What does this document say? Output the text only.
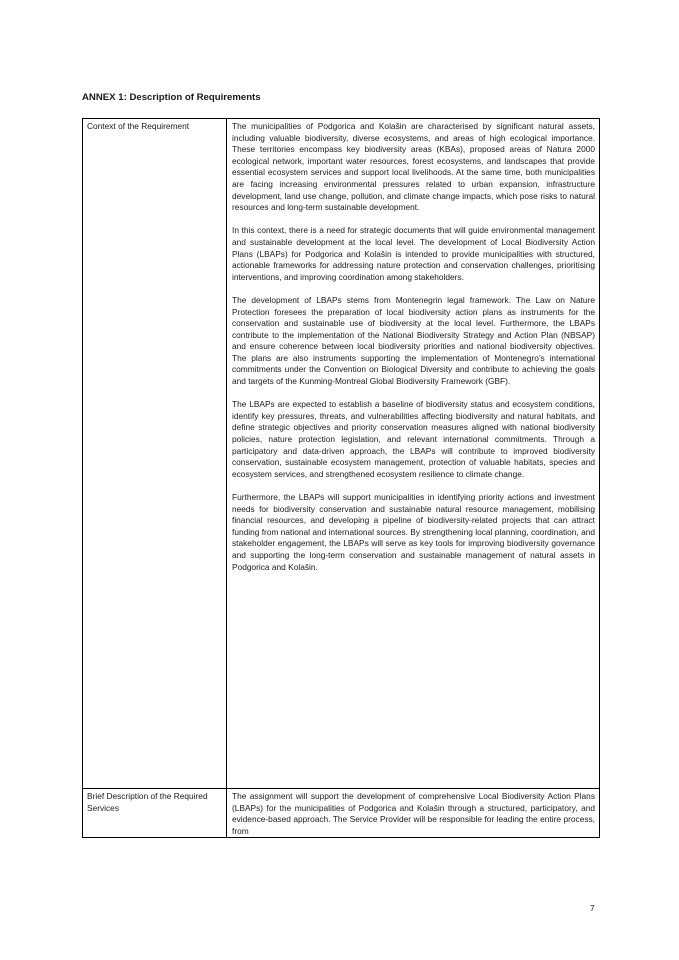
ANNEX 1: Description of Requirements
Context of the Requirement	The municipalities of Podgorica and Kolašin are characterised by significant natural assets, including valuable biodiversity, diverse ecosystems, and areas of high ecological importance. These territories encompass key biodiversity areas (KBAs), proposed areas of Natura 2000 ecological network, important water resources, forest ecosystems, and landscapes that provide essential ecosystem services and support local livelihoods. At the same time, both municipalities are facing increasing environmental pressures related to urban expansion, infrastructure development, land use change, pollution, and climate change impacts, which pose risks to natural resources and long-term sustainable development.

In this context, there is a need for strategic documents that will guide environmental management and sustainable development at the local level. The development of Local Biodiversity Action Plans (LBAPs) for Podgorica and Kolašin is intended to provide municipalities with structured, actionable frameworks for addressing nature protection and conservation challenges, prioritising interventions, and improving coordination among stakeholders.

The development of LBAPs stems from Montenegrin legal framework. The Law on Nature Protection foresees the preparation of local biodiversity action plans as instruments for the conservation and sustainable use of biodiversity at the local level. Furthermore, the LBAPs contribute to the implementation of the National Biodiversity Strategy and Action Plan (NBSAP) and ensure coherence between local biodiversity priorities and national biodiversity objectives. The plans are also instruments supporting the implementation of Montenegro’s international commitments under the Convention on Biological Diversity and contribute to achieving the goals and targets of the Kunming-Montreal Global Biodiversity Framework (GBF).

The LBAPs are expected to establish a baseline of biodiversity status and ecosystem conditions, identify key pressures, threats, and vulnerabilities affecting biodiversity and natural habitats, and define strategic objectives and priority conservation measures aligned with national biodiversity policies, nature protection legislation, and relevant international commitments. Through a participatory and data-driven approach, the LBAPs will contribute to improved biodiversity conservation, sustainable ecosystem management, protection of valuable habitats, species and ecosystem services, and strengthened ecosystem resilience to climate change.

Furthermore, the LBAPs will support municipalities in identifying priority actions and investment needs for biodiversity conservation and sustainable natural resource management, mobilising financial resources, and developing a pipeline of biodiversity-related projects that can attract funding from national and international sources. By strengthening local planning, coordination, and stakeholder engagement, the LBAPs will serve as key tools for improving biodiversity governance and supporting the long-term conservation and sustainable management of natural assets in Podgorica and Kolašin.

Brief Description of the Required Services	The assignment will support the development of comprehensive Local Biodiversity Action Plans (LBAPs) for the municipalities of Podgorica and Kolašin through a structured, participatory, and evidence-based approach. The Service Provider will be responsible for leading the entire process, from

7
